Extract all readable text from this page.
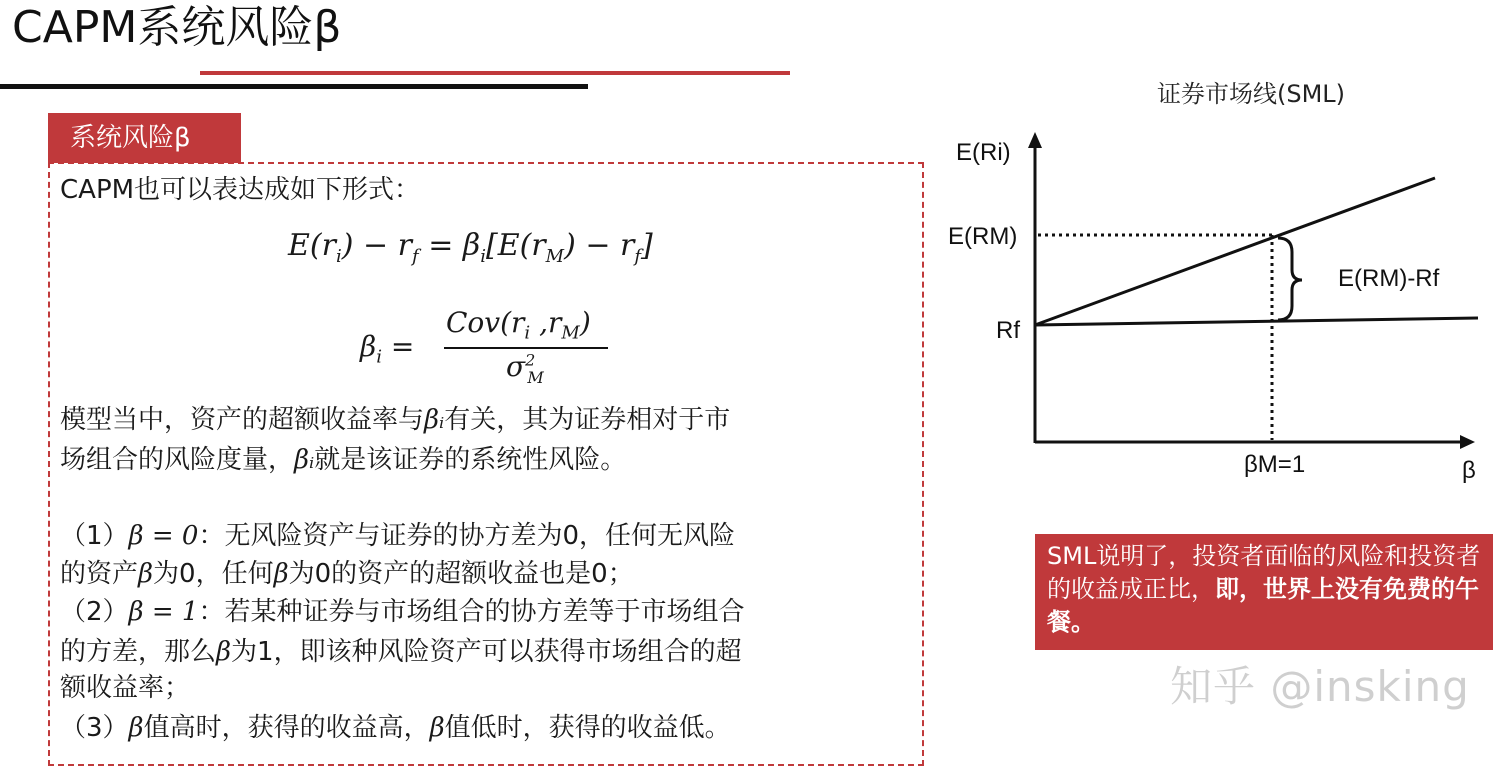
CAPM系统风险β
系统风险β
CAPM也可以表达成如下形式：
$E(r_i) - r_f = \beta_i[E(r_M) - r_f]$
$\beta_i$ =
$Cov(r_i$ $,r_M$)
$\sigma^2_M$
模型当中，资产的超额收益率与βᵢ有关，其为证券相对于市
场组合的风险度量，βᵢ就是该证券的系统性风险。
（1）β = 0：无风险资产与证券的协方差为0，任何无风险
的资产β为0，任何β为0的资产的超额收益也是0；
（2）β = 1：若某种证券与市场组合的协方差等于市场组合
的方差，那么β为1，即该种风险资产可以获得市场组合的超
额收益率；
（3）β值高时，获得的收益高，β值低时，获得的收益低。
证券市场线(SML)
E(Ri)
E(RM)
Rf
E(RM)-Rf
βM=1	β
SML说明了，投资者面临的风险和投资者的收益成正比，即，世界上没有免费的午餐。
知乎 @insking
